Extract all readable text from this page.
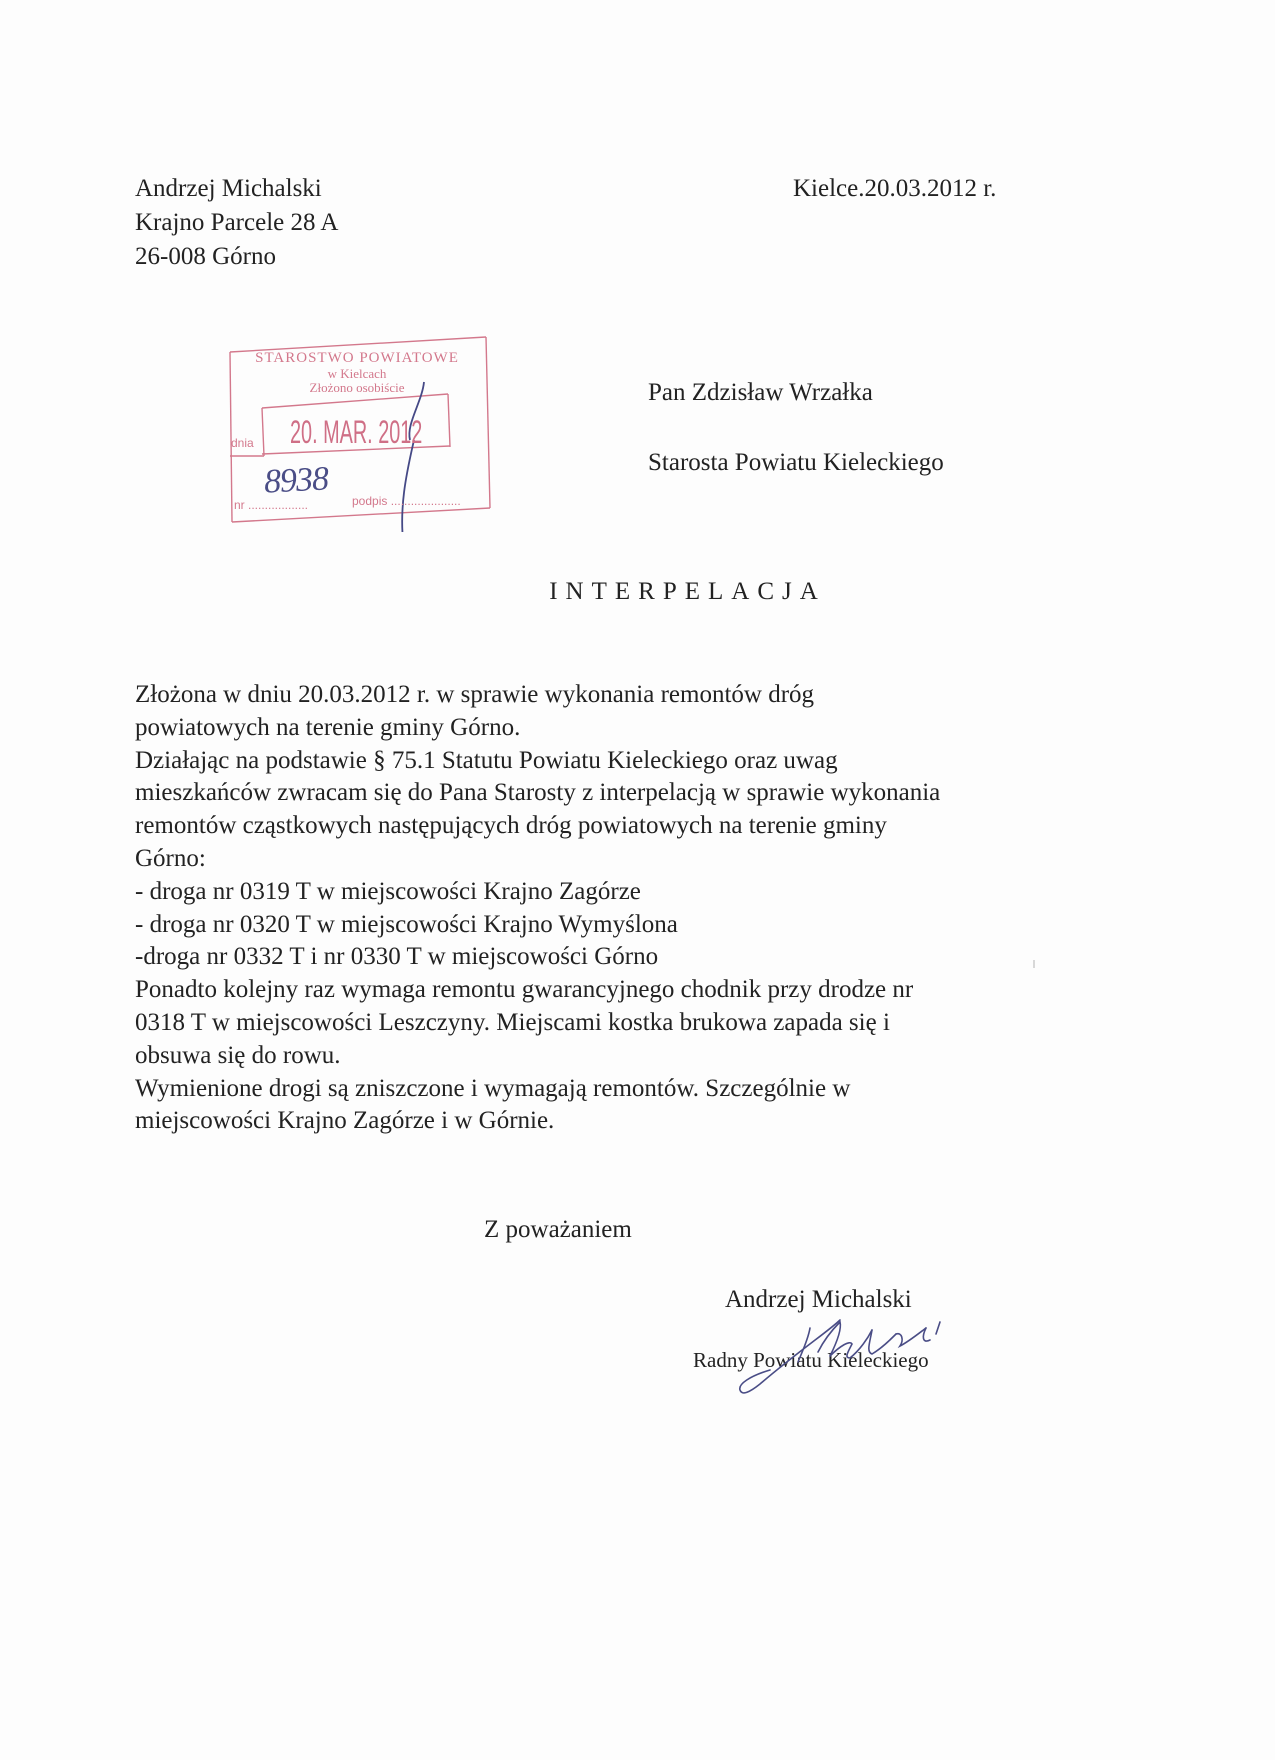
Andrzej Michalski
Krajno Parcele 28 A
26-008 Górno
Kielce.20.03.2012 r.
STAROSTWO POWIATOWE
w Kielcach
Złożono osobiście
dnia 20. MAR. 2012
8938
nr ..................	podpis .....................
Pan Zdzisław Wrzałka
Starosta Powiatu Kieleckiego
INTERPELACJA
Złożona w dniu 20.03.2012 r. w sprawie wykonania remontów dróg
powiatowych na terenie gminy Górno.
Działając na podstawie § 75.1 Statutu Powiatu Kieleckiego oraz uwag
mieszkańców zwracam się do Pana Starosty z interpelacją w sprawie wykonania
remontów cząstkowych następujących dróg powiatowych na terenie gminy
Górno:
- droga nr 0319 T w miejscowości Krajno Zagórze
- droga nr 0320 T w miejscowości Krajno Wymyślona
-droga nr 0332 T i nr 0330 T w miejscowości Górno
Ponadto kolejny raz wymaga remontu gwarancyjnego chodnik przy drodze nr
0318 T w miejscowości Leszczyny. Miejscami kostka brukowa zapada się i
obsuwa się do rowu.
Wymienione drogi są zniszczone i wymagają remontów. Szczególnie w
miejscowości Krajno Zagórze i w Górnie.
Z poważaniem
Andrzej Michalski
Radny Powiatu Kieleckiego
